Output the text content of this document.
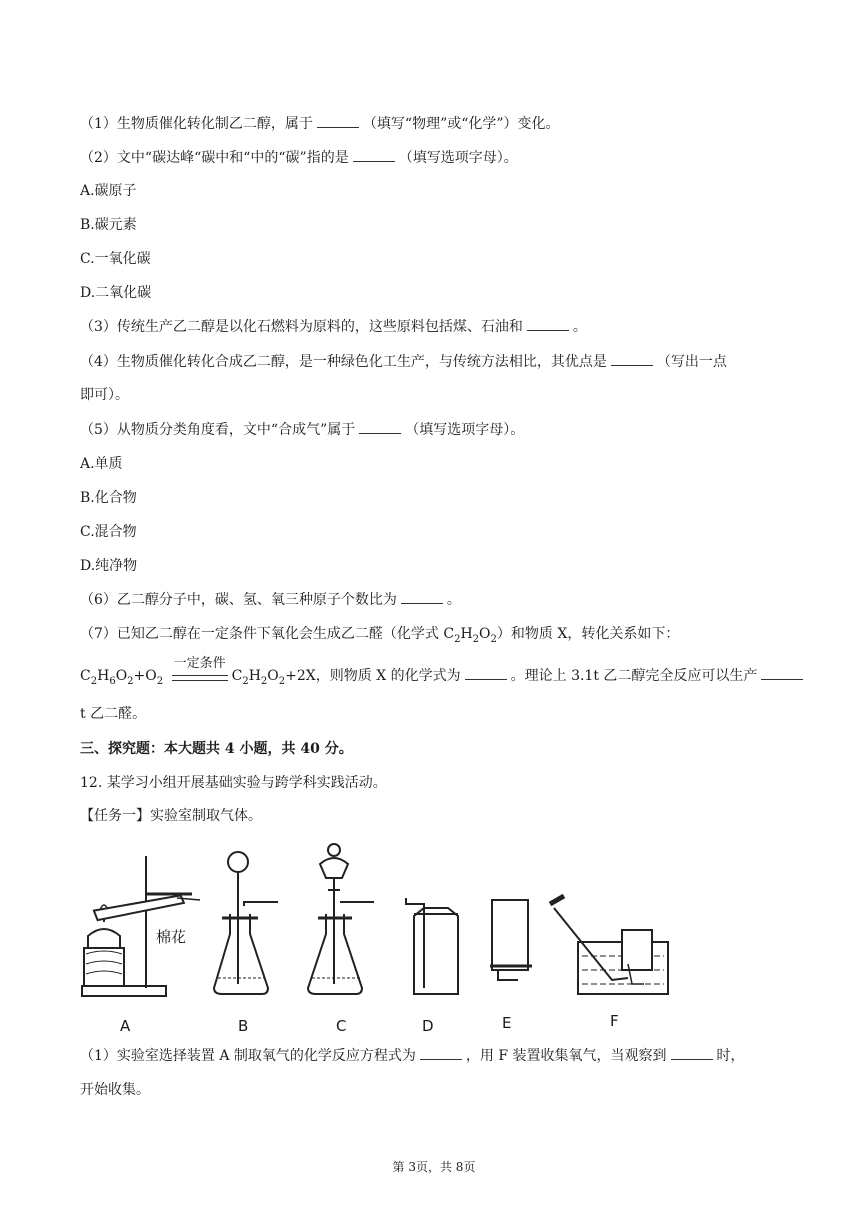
（1）生物质催化转化制乙二醇，属于	（填写“物理”或“化学”）变化。
（2）文中“碳达峰“碳中和“中的“碳”指的是	（填写选项字母）。
A.碳原子
B.碳元素
C.一氧化碳
D.二氧化碳
（3）传统生产乙二醇是以化石燃料为原料的，这些原料包括煤、石油和	。
（4）生物质催化转化合成乙二醇，是一种绿色化工生产，与传统方法相比，其优点是	（写出一点
即可）。
（5）从物质分类角度看，文中“合成气”属于	（填写选项字母）。
A.单质
B.化合物
C.混合物
D.纯净物
（6）乙二醇分子中，碳、氢、氧三种原子个数比为	。
（7）已知乙二醇在一定条件下氧化会生成乙二醛（化学式 $C_2H_2O_2$）和物质 X，转化关系如下：
$C_2H_6O_2+O_2$
一定条件
$C_2H_2O_2+2X$，则物质 X 的化学式为	。理论上 3.1t 乙二醇完全反应可以生产
t 乙二醛。
三、探究题：本大题共 4 小题，共 40 分。
12. 某学习小组开展基础实验与跨学科实践活动。
【任务一】实验室制取气体。
棉花
A	B	C	D	E	F
（1）实验室选择装置 A 制取氧气的化学反应方程式为	，用 F 装置收集氧气，当观察到	时，
开始收集。
第 3页，共 8页
